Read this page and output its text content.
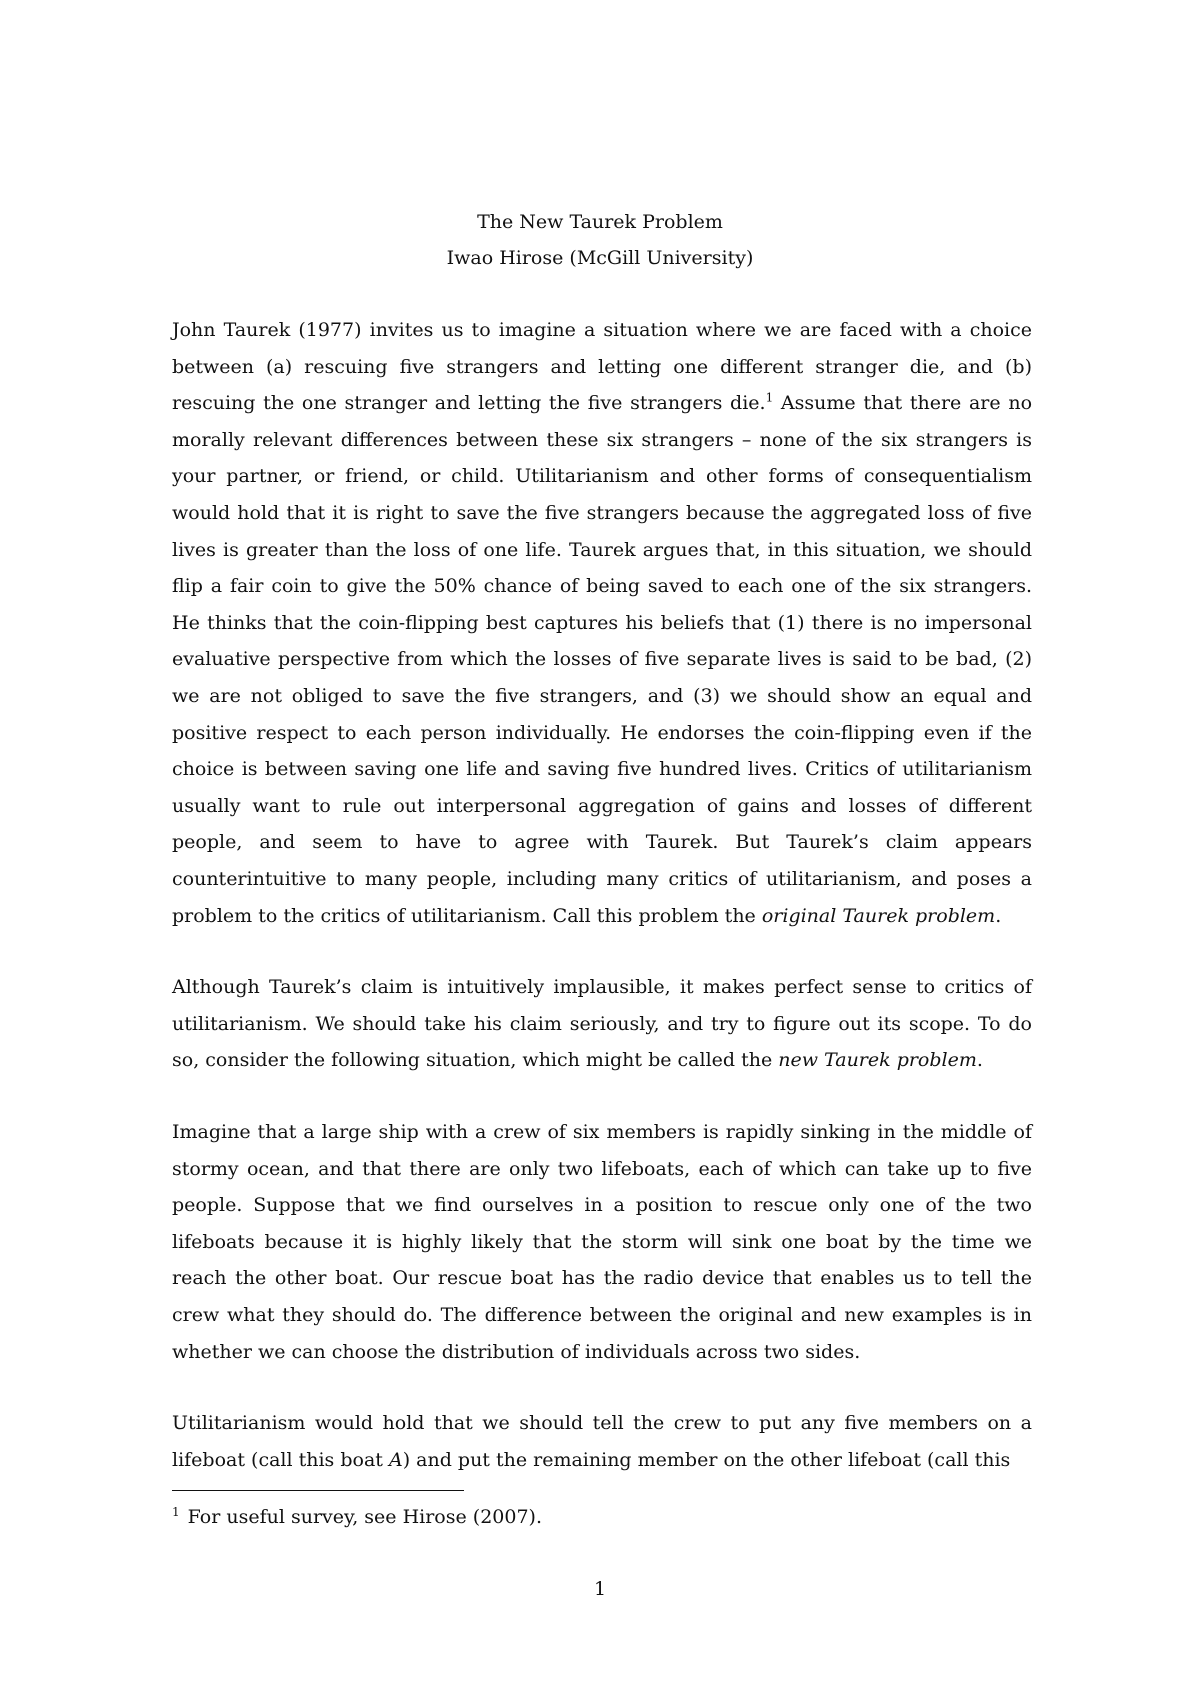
The New Taurek Problem
Iwao Hirose (McGill University)

John Taurek (1977) invites us to imagine a situation where we are faced with a choice between (a) rescuing five strangers and letting one different stranger die, and (b) rescuing the one stranger and letting the five strangers die.$^1$ Assume that there are no morally relevant differences between these six strangers – none of the six strangers is your partner, or friend, or child. Utilitarianism and other forms of consequentialism would hold that it is right to save the five strangers because the aggregated loss of five lives is greater than the loss of one life. Taurek argues that, in this situation, we should flip a fair coin to give the 50% chance of being saved to each one of the six strangers. He thinks that the coin-flipping best captures his beliefs that (1) there is no impersonal evaluative perspective from which the losses of five separate lives is said to be bad, (2) we are not obliged to save the five strangers, and (3) we should show an equal and positive respect to each person individually. He endorses the coin-flipping even if the choice is between saving one life and saving five hundred lives. Critics of utilitarianism usually want to rule out interpersonal aggregation of gains and losses of different people, and seem to have to agree with Taurek. But Taurek’s claim appears counterintuitive to many people, including many critics of utilitarianism, and poses a problem to the critics of utilitarianism. Call this problem the original Taurek problem.

Although Taurek’s claim is intuitively implausible, it makes perfect sense to critics of utilitarianism. We should take his claim seriously, and try to figure out its scope. To do so, consider the following situation, which might be called the new Taurek problem.

Imagine that a large ship with a crew of six members is rapidly sinking in the middle of stormy ocean, and that there are only two lifeboats, each of which can take up to five people. Suppose that we find ourselves in a position to rescue only one of the two lifeboats because it is highly likely that the storm will sink one boat by the time we reach the other boat. Our rescue boat has the radio device that enables us to tell the crew what they should do. The difference between the original and new examples is in whether we can choose the distribution of individuals across two sides.

Utilitarianism would hold that we should tell the crew to put any five members on a lifeboat (call this boat A) and put the remaining member on the other lifeboat (call this

$^1$ For useful survey, see Hirose (2007).
1
